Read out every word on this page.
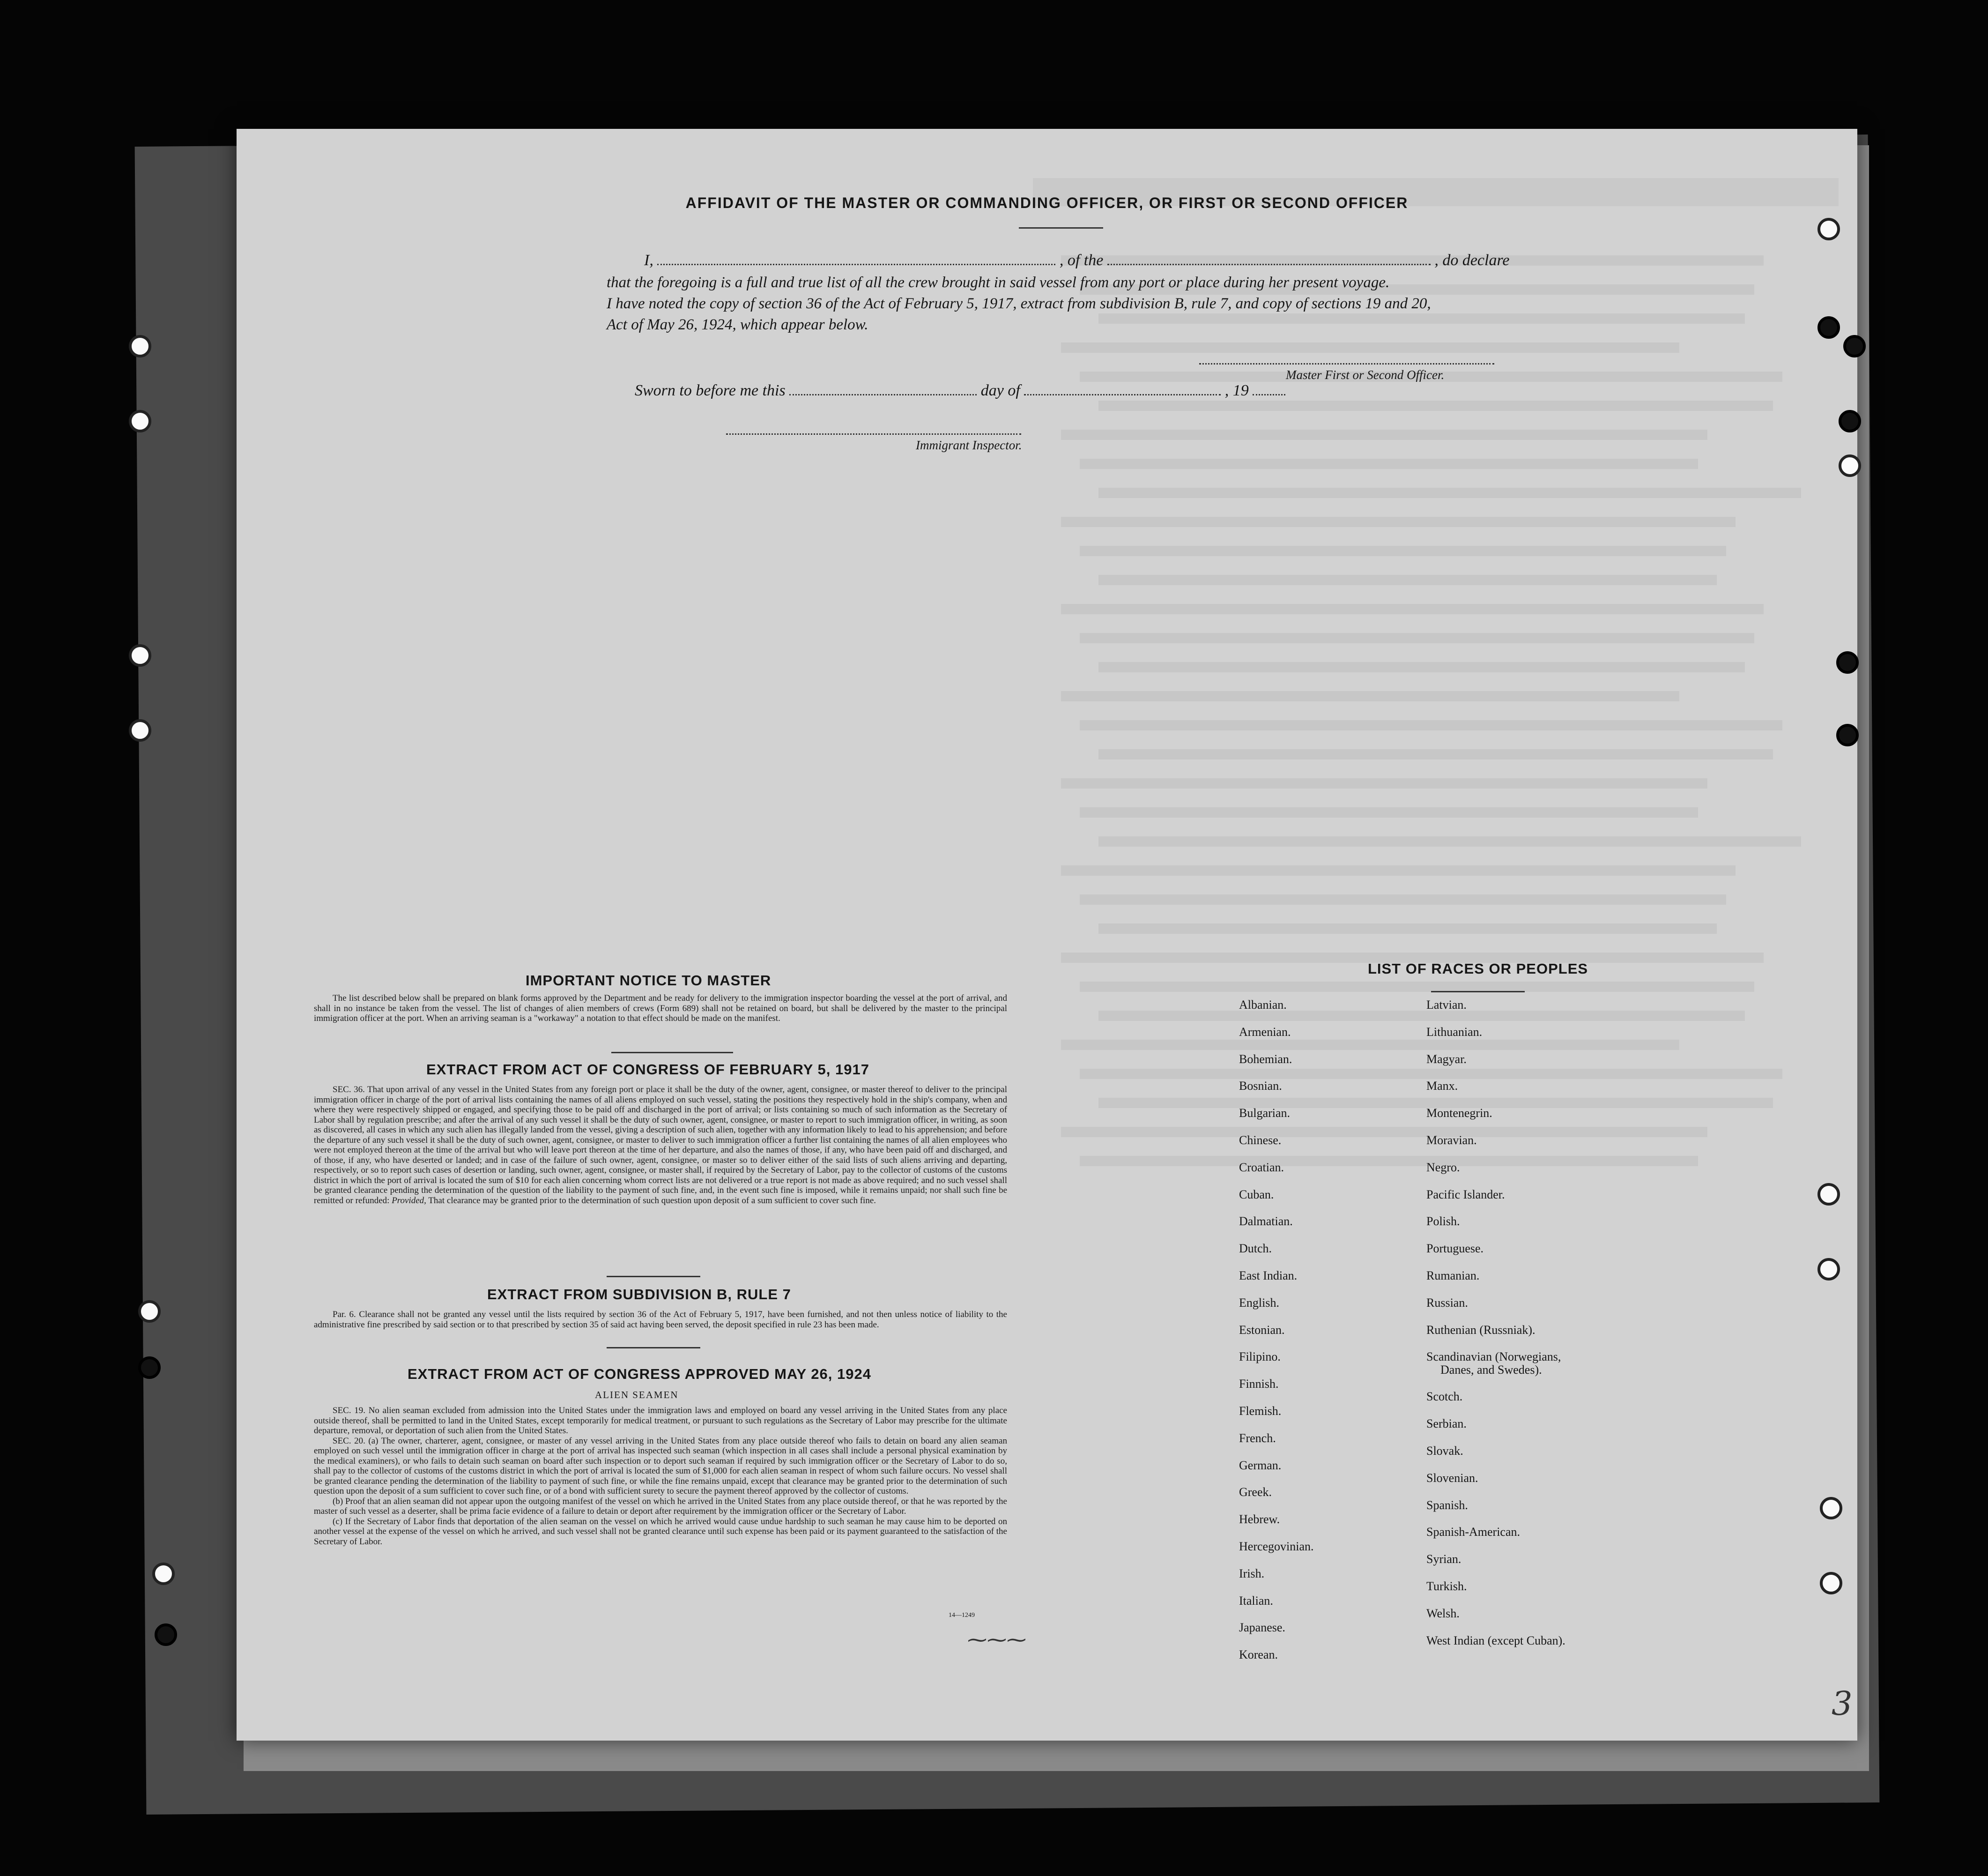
AFFIDAVIT OF THE MASTER OR COMMANDING OFFICER, OR FIRST OR SECOND OFFICER
I,	, of the	, do declare
that the foregoing is a full and true list of all the crew brought in said vessel from any port or place during her present voyage.
I have noted the copy of section 36 of the Act of February 5, 1917, extract from subdivision B, rule 7, and copy of sections 19 and 20,
Act of May 26, 1924, which appear below.
Master First or Second Officer.
Sworn to before me this	day of	, 19
Immigrant Inspector.
IMPORTANT NOTICE TO MASTER

The list described below shall be prepared on blank forms approved by the Department and be ready for delivery to the immigration inspector boarding the vessel at the port of arrival, and shall in no instance be taken from the vessel. The list of changes of alien members of crews (Form 689) shall not be retained on board, but shall be delivered by the master to the principal immigration officer at the port. When an arriving seaman is a "workaway" a notation to that effect should be made on the manifest.

EXTRACT FROM ACT OF CONGRESS OF FEBRUARY 5, 1917

SEC. 36. That upon arrival of any vessel in the United States from any foreign port or place it shall be the duty of the owner, agent, consignee, or master thereof to deliver to the principal immigration officer in charge of the port of arrival lists containing the names of all aliens employed on such vessel, stating the positions they respectively hold in the ship's company, when and where they were respectively shipped or engaged, and specifying those to be paid off and discharged in the port of arrival; or lists containing so much of such information as the Secretary of Labor shall by regulation prescribe; and after the arrival of any such vessel it shall be the duty of such owner, agent, consignee, or master to report to such immigration officer, in writing, as soon as discovered, all cases in which any such alien has illegally landed from the vessel, giving a description of such alien, together with any information likely to lead to his apprehension; and before the departure of any such vessel it shall be the duty of such owner, agent, consignee, or master to deliver to such immigration officer a further list containing the names of all alien employees who were not employed thereon at the time of the arrival but who will leave port thereon at the time of her departure, and also the names of those, if any, who have been paid off and discharged, and of those, if any, who have deserted or landed; and in case of the failure of such owner, agent, consignee, or master so to deliver either of the said lists of such aliens arriving and departing, respectively, or so to report such cases of desertion or landing, such owner, agent, consignee, or master shall, if required by the Secretary of Labor, pay to the collector of customs of the customs district in which the port of arrival is located the sum of $10 for each alien concerning whom correct lists are not delivered or a true report is not made as above required; and no such vessel shall be granted clearance pending the determination of the question of the liability to the payment of such fine, and, in the event such fine is imposed, while it remains unpaid; nor shall such fine be remitted or refunded: Provided, That clearance may be granted prior to the determination of such question upon deposit of a sum sufficient to cover such fine.

EXTRACT FROM SUBDIVISION B, RULE 7

Par. 6. Clearance shall not be granted any vessel until the lists required by section 36 of the Act of February 5, 1917, have been furnished, and not then unless notice of liability to the administrative fine prescribed by said section or to that prescribed by section 35 of said act having been served, the deposit specified in rule 23 has been made.

EXTRACT FROM ACT OF CONGRESS APPROVED MAY 26, 1924
ALIEN SEAMEN

SEC. 19. No alien seaman excluded from admission into the United States under the immigration laws and employed on board any vessel arriving in the United States from any place outside thereof, shall be permitted to land in the United States, except temporarily for medical treatment, or pursuant to such regulations as the Secretary of Labor may prescribe for the ultimate departure, removal, or deportation of such alien from the United States.

SEC. 20. (a) The owner, charterer, agent, consignee, or master of any vessel arriving in the United States from any place outside thereof who fails to detain on board any alien seaman employed on such vessel until the immigration officer in charge at the port of arrival has inspected such seaman (which inspection in all cases shall include a personal physical examination by the medical examiners), or who fails to detain such seaman on board after such inspection or to deport such seaman if required by such immigration officer or the Secretary of Labor to do so, shall pay to the collector of customs of the customs district in which the port of arrival is located the sum of $1,000 for each alien seaman in respect of whom such failure occurs. No vessel shall be granted clearance pending the determination of the liability to payment of such fine, or while the fine remains unpaid, except that clearance may be granted prior to the determination of such question upon the deposit of a sum sufficient to cover such fine, or of a bond with sufficient surety to secure the payment thereof approved by the collector of customs.

(b) Proof that an alien seaman did not appear upon the outgoing manifest of the vessel on which he arrived in the United States from any place outside thereof, or that he was reported by the master of such vessel as a deserter, shall be prima facie evidence of a failure to detain or deport after requirement by the immigration officer or the Secretary of Labor.

(c) If the Secretary of Labor finds that deportation of the alien seaman on the vessel on which he arrived would cause undue hardship to such seaman he may cause him to be deported on another vessel at the expense of the vessel on which he arrived, and such vessel shall not be granted clearance until such expense has been paid or its payment guaranteed to the satisfaction of the Secretary of Labor.

14—1249
⁓⁓⁓
3
LIST OF RACES OR PEOPLES
Albanian.
Armenian.
Bohemian.
Bosnian.
Bulgarian.
Chinese.
Croatian.
Cuban.
Dalmatian.
Dutch.
East Indian.
English.
Estonian.
Filipino.
Finnish.
Flemish.
French.
German.
Greek.
Hebrew.
Hercegovinian.
Irish.
Italian.
Japanese.
Korean.
Latvian.
Lithuanian.
Magyar.
Manx.
Montenegrin.
Moravian.
Negro.
Pacific Islander.
Polish.
Portuguese.
Rumanian.
Russian.
Ruthenian (Russniak).
Scandinavian (Norwegians,
Danes, and Swedes).
Scotch.
Serbian.
Slovak.
Slovenian.
Spanish.
Spanish-American.
Syrian.
Turkish.
Welsh.
West Indian (except Cuban).
